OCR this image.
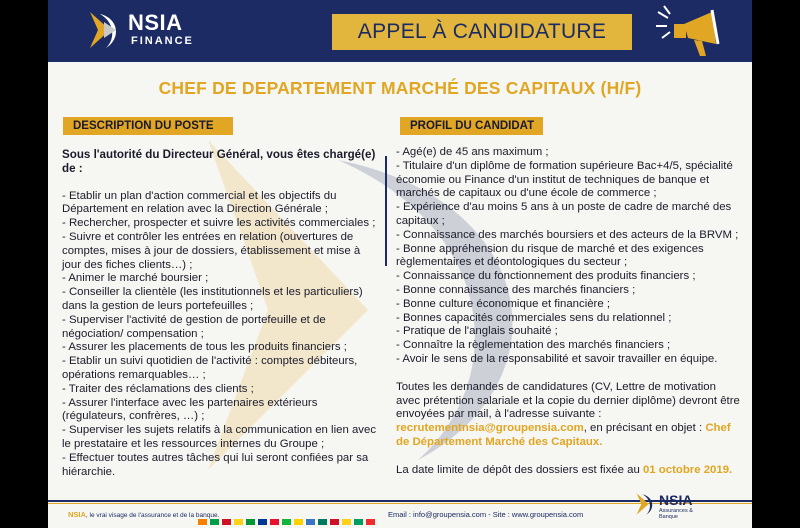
NSIA
FINANCE	APPEL À CANDIDATURE
CHEF DE DEPARTEMENT MARCHÉ DES CAPITAUX (H/F)
DESCRIPTION DU POSTE	PROFIL DU CANDIDAT
Sous l'autorité du Directeur Général, vous êtes chargé(e) de :
- Etablir un plan d'action commercial et les objectifs du Département en relation avec la Direction Générale ;
- Rechercher, prospecter et suivre les activités commerciales ;
- Suivre et contrôler les entrées en relation (ouvertures de comptes, mises à jour de dossiers, établissement et mise à jour des fiches clients…) ;
- Animer le marché boursier ;
- Conseiller la clientèle (les institutionnels et les particuliers) dans la gestion de leurs portefeuilles ;
- Superviser l'activité de gestion de portefeuille et de négociation/ compensation ;
- Assurer les placements de tous les produits financiers ;
- Etablir un suivi quotidien de l'activité : comptes débiteurs, opérations remarquables… ;
- Traiter des réclamations des clients ;
- Assurer l'interface avec les partenaires extérieurs (régulateurs, confrères, …) ;
- Superviser les sujets relatifs à la communication en lien avec le prestataire et les ressources internes du Groupe ;
- Effectuer toutes autres tâches qui lui seront confiées par sa hiérarchie.
- Agé(e) de 45 ans maximum ;
- Titulaire d'un diplôme de formation supérieure Bac+4/5, spécialité économie ou Finance d'un institut de techniques de banque et marchés de capitaux ou d'une école de commerce ;
- Expérience d'au moins 5 ans à un poste de cadre de marché des capitaux ;
- Connaissance des marchés boursiers et des acteurs de la BRVM ;
- Bonne appréhension du risque de marché et des exigences règlementaires et déontologiques du secteur ;
- Connaissance du fonctionnement des produits financiers ;
- Bonne connaissance des marchés financiers ;
- Bonne culture économique et financière ;
- Bonnes capacités commerciales sens du relationnel ;
- Pratique de l'anglais souhaité ;
- Connaître la règlementation des marchés financiers ;
- Avoir le sens de la responsabilité et savoir travailler en équipe.

Toutes les demandes de candidatures (CV, Lettre de motivation avec prétention salariale et la copie du dernier diplôme) devront être envoyées par mail, à l'adresse suivante : recrutementnsia@groupensia.com, en précisant en objet : Chef de Département Marché des Capitaux.

La date limite de dépôt des dossiers est fixée au 01 octobre 2019.

NSIA, le vrai visage de l'assurance et de la banque.	Email : info@groupensia.com - Site : www.groupensia.com
NSIA
Assurances & Banque
